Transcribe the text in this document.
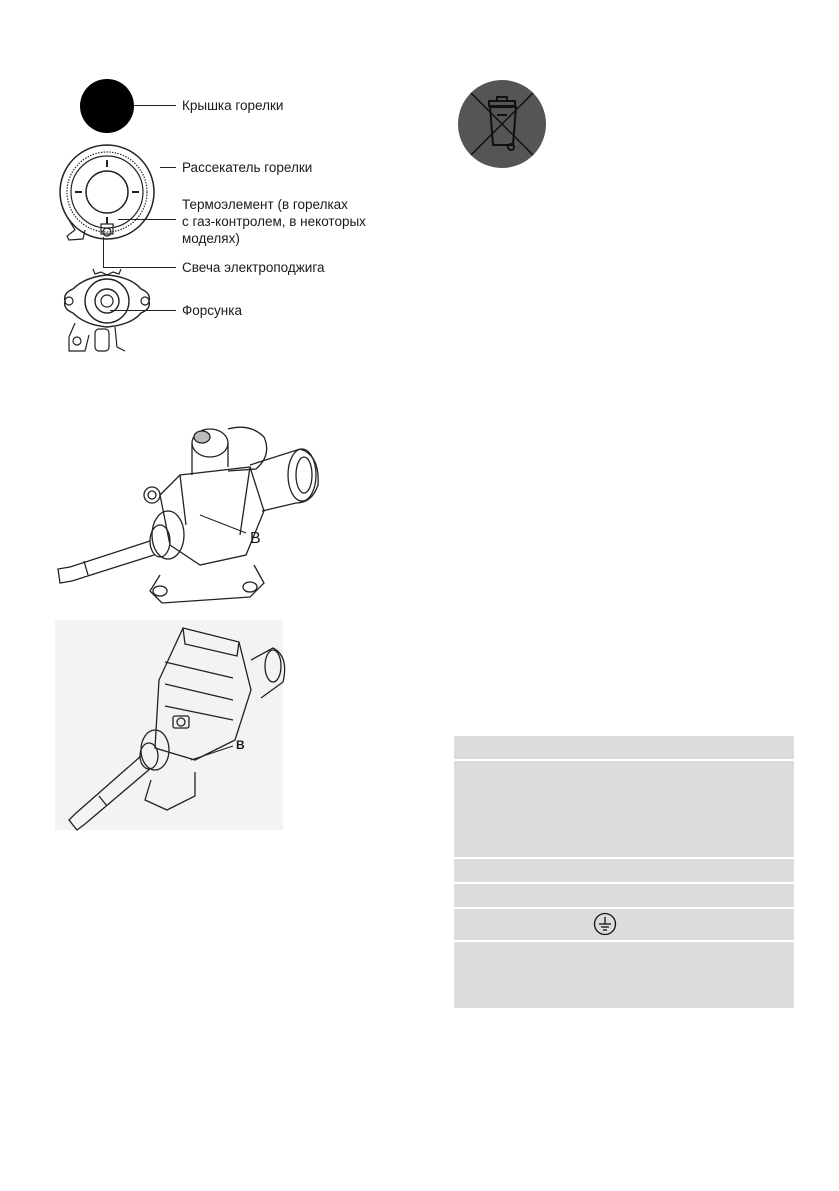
Крышка горелки
Рассекатель горелки
Термоэлемент (в горелках
с газ-контролем, в некоторых
моделях)
Свеча электроподжига
Форсунка
B
B
